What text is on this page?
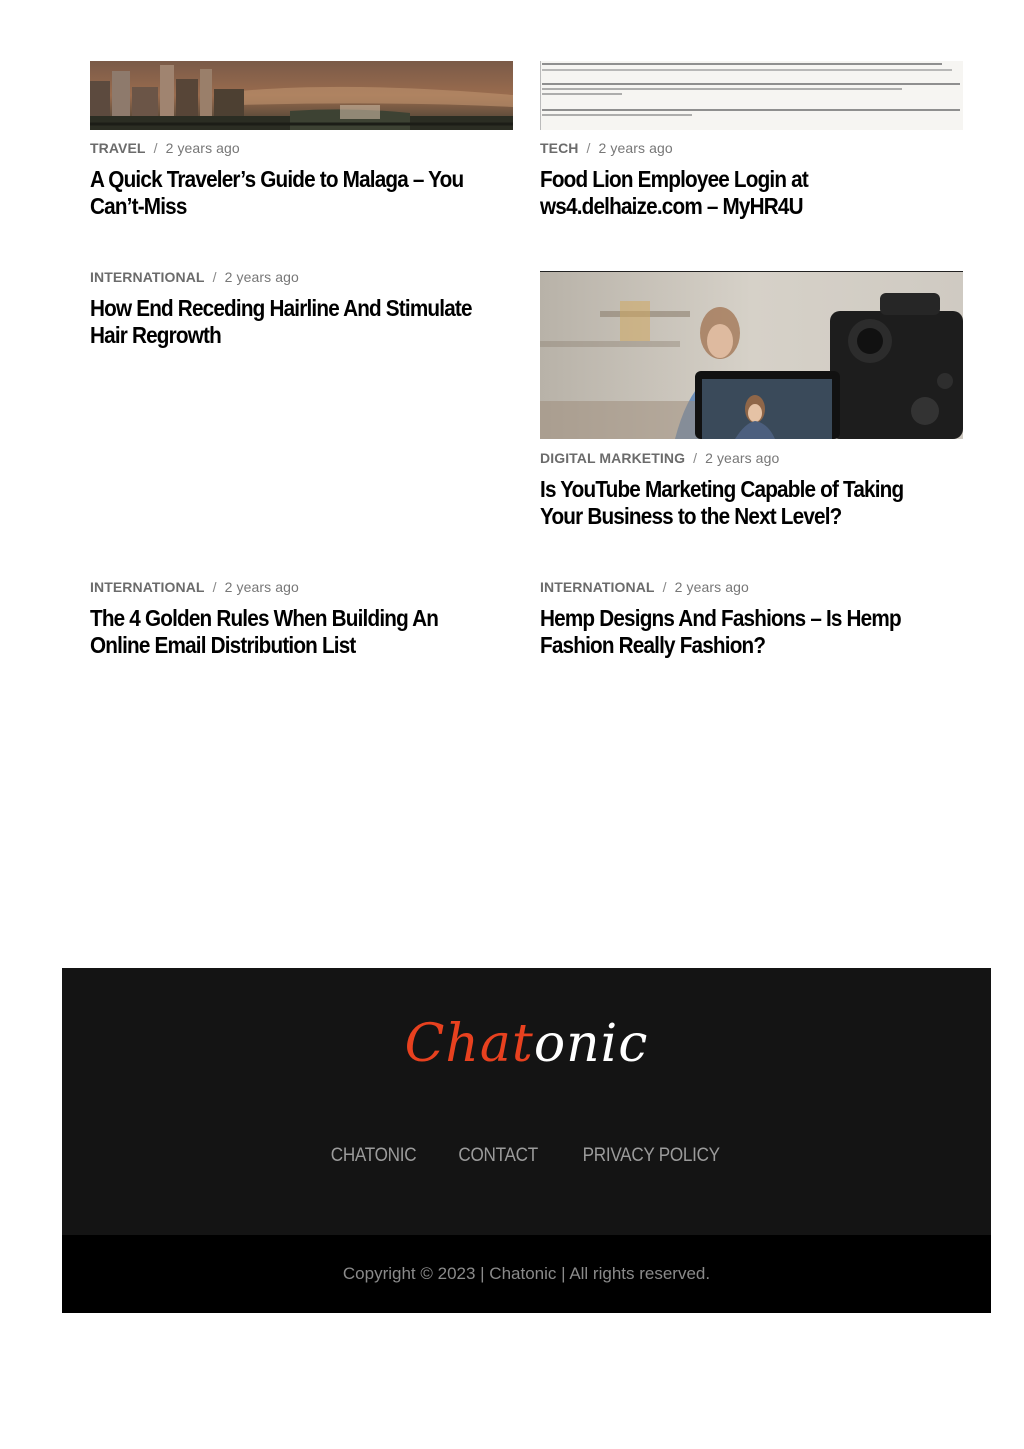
TRAVEL / 2 years ago
A Quick Traveler’s Guide to Malaga – You Can’t-Miss
TECH / 2 years ago
Food Lion Employee Login at ws4.delhaize.com – MyHR4U
INTERNATIONAL / 2 years ago
How End Receding Hairline And Stimulate Hair Regrowth
DIGITAL MARKETING / 2 years ago
Is YouTube Marketing Capable of Taking Your Business to the Next Level?
INTERNATIONAL / 2 years ago
The 4 Golden Rules When Building An Online Email Distribution List
INTERNATIONAL / 2 years ago
Hemp Designs And Fashions – Is Hemp Fashion Really Fashion?
Chatonic
CHATONIC CONTACT PRIVACY POLICY

Copyright © 2023 | Chatonic | All rights reserved.
